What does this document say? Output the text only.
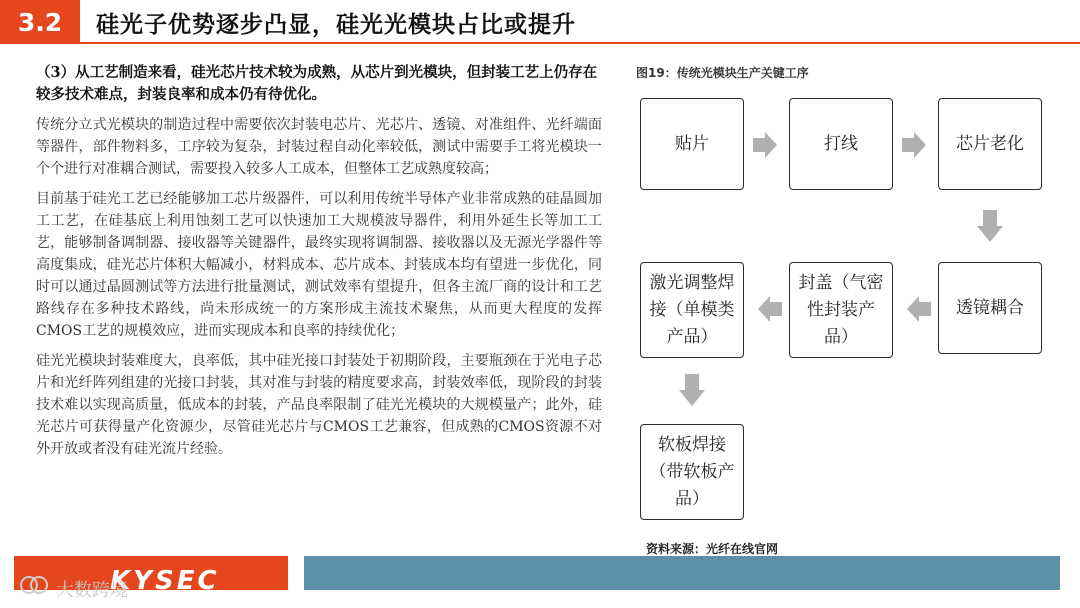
3.2	硅光子优势逐步凸显，硅光光模块占比或提升

（3）从工艺制造来看，硅光芯片技术较为成熟，从芯片到光模块，但封装工艺上仍存在较多技术难点，封装良率和成本仍有待优化。

传统分立式光模块的制造过程中需要依次封装电芯片、光芯片、透镜、对准组件、光纤端面等器件，部件物料多，工序较为复杂，封装过程自动化率较低，测试中需要手工将光模块一个个进行对准耦合测试，需要投入较多人工成本，但整体工艺成熟度较高；

目前基于硅光工艺已经能够加工芯片级器件，可以利用传统半导体产业非常成熟的硅晶圆加工工艺，在硅基底上利用蚀刻工艺可以快速加工大规模波导器件，利用外延生长等加工工艺，能够制备调制器、接收器等关键器件，最终实现将调制器、接收器以及无源光学器件等高度集成，硅光芯片体积大幅减小，材料成本、芯片成本、封装成本均有望进一步优化，同时可以通过晶圆测试等方法进行批量测试，测试效率有望提升，但各主流厂商的设计和工艺路线存在多种技术路线，尚未形成统一的方案形成主流技术聚焦，从而更大程度的发挥CMOS工艺的规模效应，进而实现成本和良率的持续优化；

硅光光模块封装难度大，良率低，其中硅光接口封装处于初期阶段，主要瓶颈在于光电子芯片和光纤阵列组建的光接口封装，其对准与封装的精度要求高，封装效率低，现阶段的封装技术难以实现高质量，低成本的封装，产品良率限制了硅光光模块的大规模量产；此外，硅光芯片可获得量产化资源少，尽管硅光芯片与CMOS工艺兼容，但成熟的CMOS资源不对外开放或者没有硅光流片经验。

图19：传统光模块生产关键工序
贴片	打线	芯片老化
透镜耦合
封盖（气密性封装产品）
激光调整焊接（单模类产品）
软板焊接（带软板产品）
资料来源：光纤在线官网
KYSEC
大数跨境
